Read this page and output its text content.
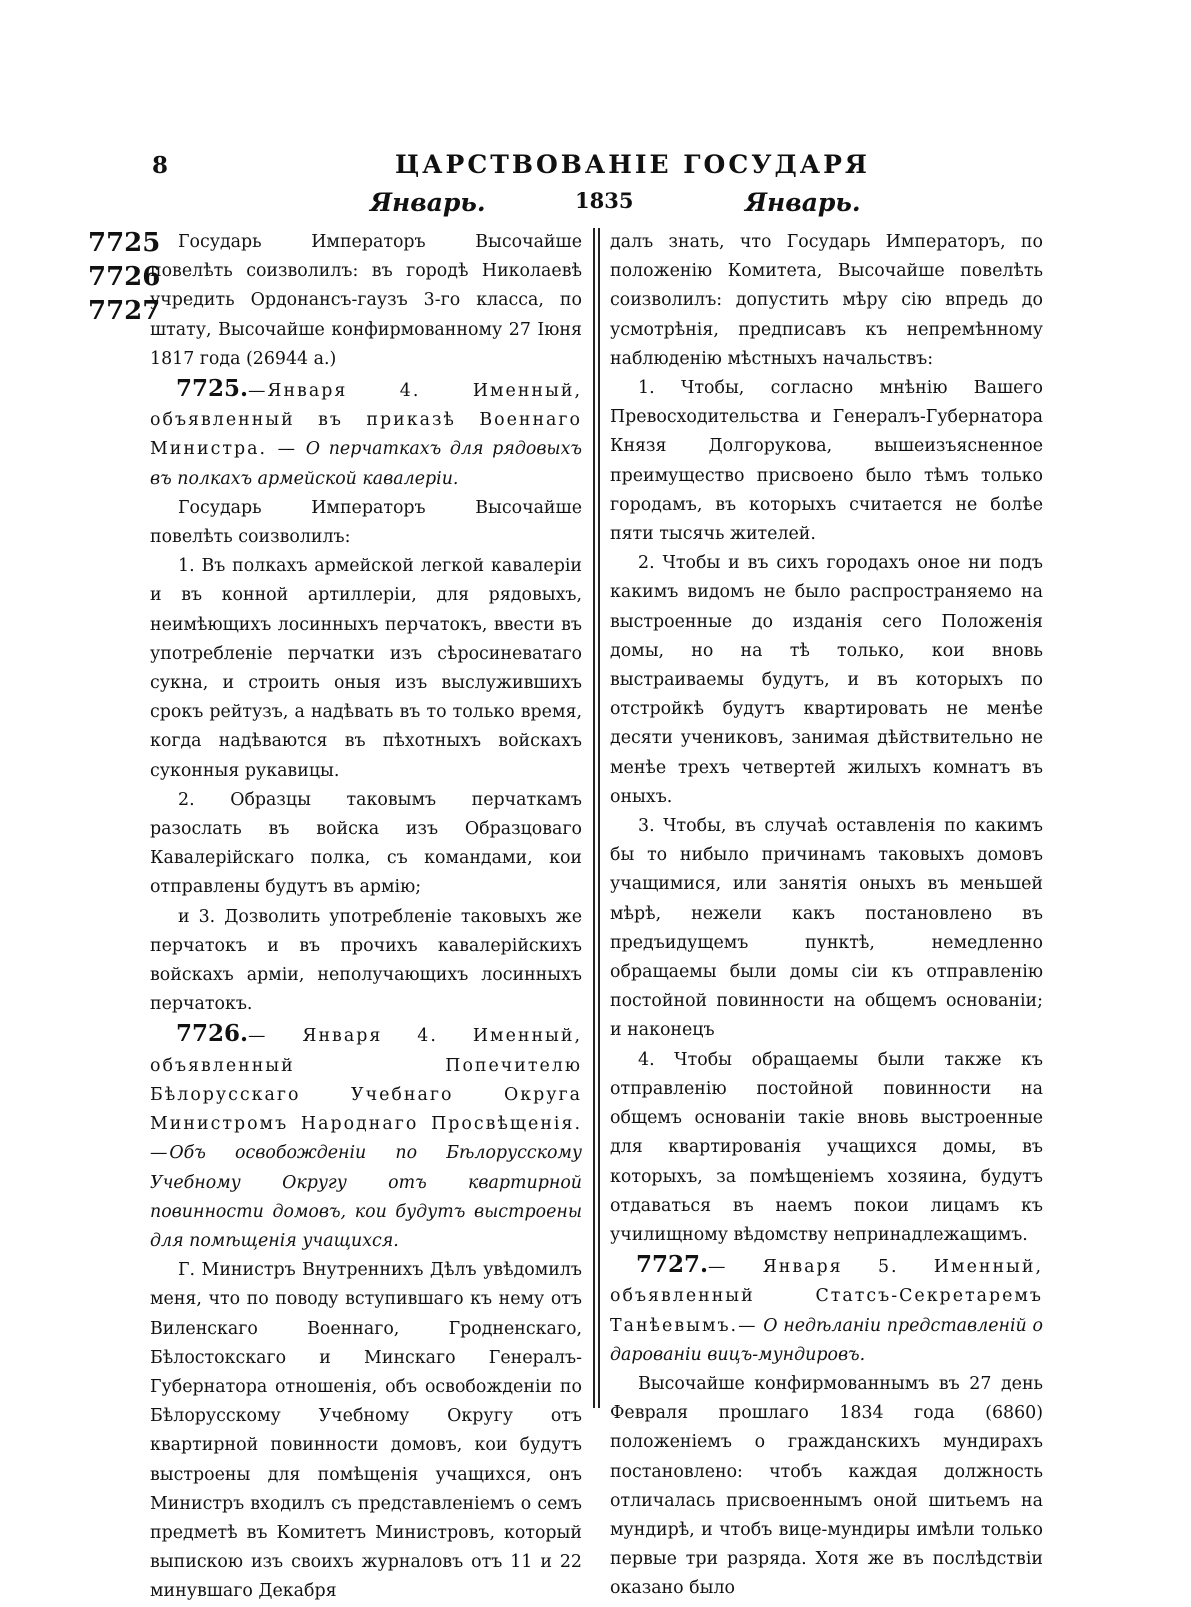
8	ЦАРСТВОВАНІЕ ГОСУДАРЯ
Январь.	1835	Январь.
7725
7726
7727

Государь Императоръ Высочайше повелѣть соизволилъ: въ городѣ Николаевѣ учредить Ордонансъ-гаузъ 3-го класса, по штату, Высочайше конфирмованному 27 Іюня 1817 года (26944 а.)

7725.—Января 4. Именный, объявленный въ приказѣ Военнаго Министра. — О перчаткахъ для рядовыхъ въ полкахъ армейской кавалеріи.

Государь Императоръ Высочайше повелѣть соизволилъ:

1. Въ полкахъ армейской легкой кавалеріи и въ конной артиллеріи, для рядовыхъ, неимѣющихъ лосинныхъ перчатокъ, ввести въ употребленіе перчатки изъ сѣросиневатаго сукна, и строить оныя изъ выслужившихъ срокъ рейтузъ, а надѣвать въ то только время, когда надѣваются въ пѣхотныхъ войскахъ суконныя рукавицы.

2. Образцы таковымъ перчаткамъ разослать въ войска изъ Образцоваго Кавалерійскаго полка, съ командами, кои отправлены будутъ въ армію;

и 3. Дозволить употребленіе таковыхъ же перчатокъ и въ прочихъ кавалерійскихъ войскахъ арміи, неполучающихъ лосинныхъ перчатокъ.

7726.— Января 4. Именный, объявленный Попечителю Бѣлорусскаго Учебнаго Округа Министромъ Народнаго Просвѣщенія.—Объ освобожденіи по Бѣлорусскому Учебному Округу отъ квартирной повинности домовъ, кои будутъ выстроены для помѣщенія учащихся.

Г. Министръ Внутреннихъ Дѣлъ увѣдомилъ меня, что по поводу вступившаго къ нему отъ Виленскаго Военнаго, Гродненскаго, Бѣлостокскаго и Минскаго Генералъ-Губернатора отношенія, объ освобожденіи по Бѣлорусскому Учебному Округу отъ квартирной повинности домовъ, кои будутъ выстроены для помѣщенія учащихся, онъ Министръ входилъ съ представленіемъ о семъ предметѣ въ Комитетъ Министровъ, который выпискою изъ своихъ журналовъ отъ 11 и 22 минувшаго Декабря

далъ знать, что Государь Императоръ, по положенію Комитета, Высочайше повелѣть соизволилъ: допустить мѣру сію впредь до усмотрѣнія, предписавъ къ непремѣнному наблюденію мѣстныхъ начальствъ:

1. Чтобы, согласно мнѣнію Вашего Превосходительства и Генералъ-Губернатора Князя Долгорукова, вышеизъясненное преимущество присвоено было тѣмъ только городамъ, въ которыхъ считается не болѣе пяти тысячь жителей.

2. Чтобы и въ сихъ городахъ оное ни подъ какимъ видомъ не было распространяемо на выстроенные до изданія сего Положенія домы, но на тѣ только, кои вновь выстраиваемы будутъ, и въ которыхъ по отстройкѣ будутъ квартировать не менѣе десяти учениковъ, занимая дѣйствительно не менѣе трехъ четвертей жилыхъ комнатъ въ оныхъ.

3. Чтобы, въ случаѣ оставленія по какимъ бы то нибыло причинамъ таковыхъ домовъ учащимися, или занятія оныхъ въ меньшей мѣрѣ, нежели какъ постановлено въ предъидущемъ пунктѣ, немедленно обращаемы были домы сіи къ отправленію постойной повинности на общемъ основаніи; и наконецъ

4. Чтобы обращаемы были также къ отправленію постойной повинности на общемъ основаніи такіе вновь выстроенные для квартированія учащихся домы, въ которыхъ, за помѣщеніемъ хозяина, будутъ отдаваться въ наемъ покои лицамъ къ училищному вѣдомству непринадлежащимъ.

7727.— Января 5. Именный, объявленный Статсъ-Секретаремъ Танѣевымъ.— О недѣланіи представленій о дарованіи вицъ-мундировъ.

Высочайше конфирмованнымъ въ 27 день Февраля прошлаго 1834 года (6860) положеніемъ о гражданскихъ мундирахъ постановлено: чтобъ каждая должность отличалась присвоеннымъ оной шитьемъ на мундирѣ, и чтобъ вице-мундиры имѣли только первые три разряда. Хотя же въ послѣдствіи оказано было
